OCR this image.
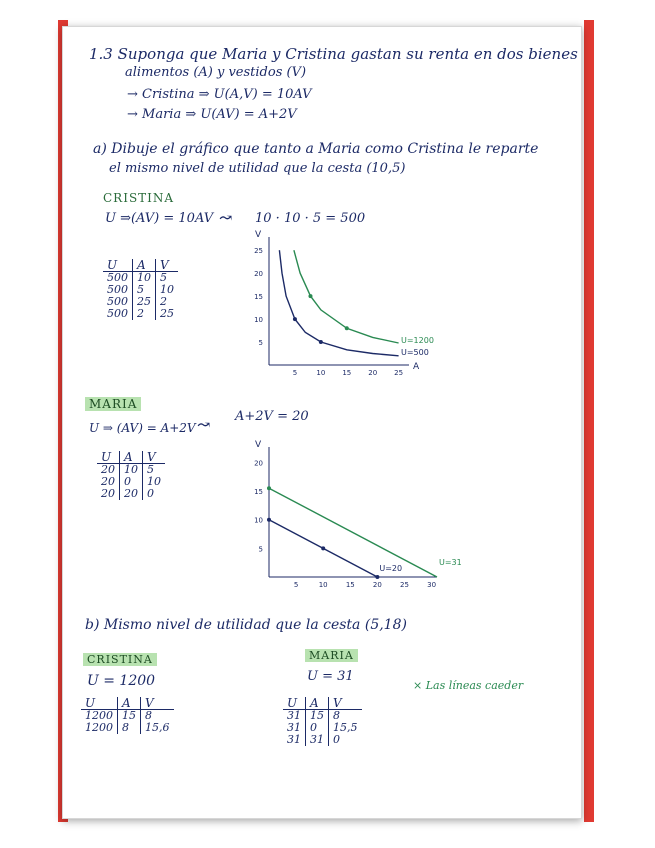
1.3 Suponga que Maria y Cristina gastan su renta en dos bienes
alimentos (A) y vestidos (V)
→ Cristina ⇒ U(A,V) = 10AV
→ Maria ⇒ U(AV) = A+2V
a) Dibuje el gráfico que tanto a Maria como Cristina le reparte
el mismo nivel de utilidad que la cesta (10,5)
CRISTINA
U ⇒(AV) = 10AV ↝ 10 · 10 · 5 = 500
U	A	V
500	10	5
500	5	10
500	25	2
500	2	25
5	10 15 20 25
5
10
15
20
25
V
A
U=500
U=1200
MARIA
U ⇒ (AV) = A+2V ↝ A+2V = 20
U	A	V
20	10	5
20	0	10
20	20	0
5	10	15	20	25	30
5
10
15
20
V
U=20
U=31
b) Mismo nivel de utilidad que la cesta (5,18)
CRISTINA
U = 1200
U	A	V
1200	15	8
1200	8	15,6
MARIA
U = 31
U	A	V
31	15	8
31	0	15,5
31	31	0
× Las líneas caeder
